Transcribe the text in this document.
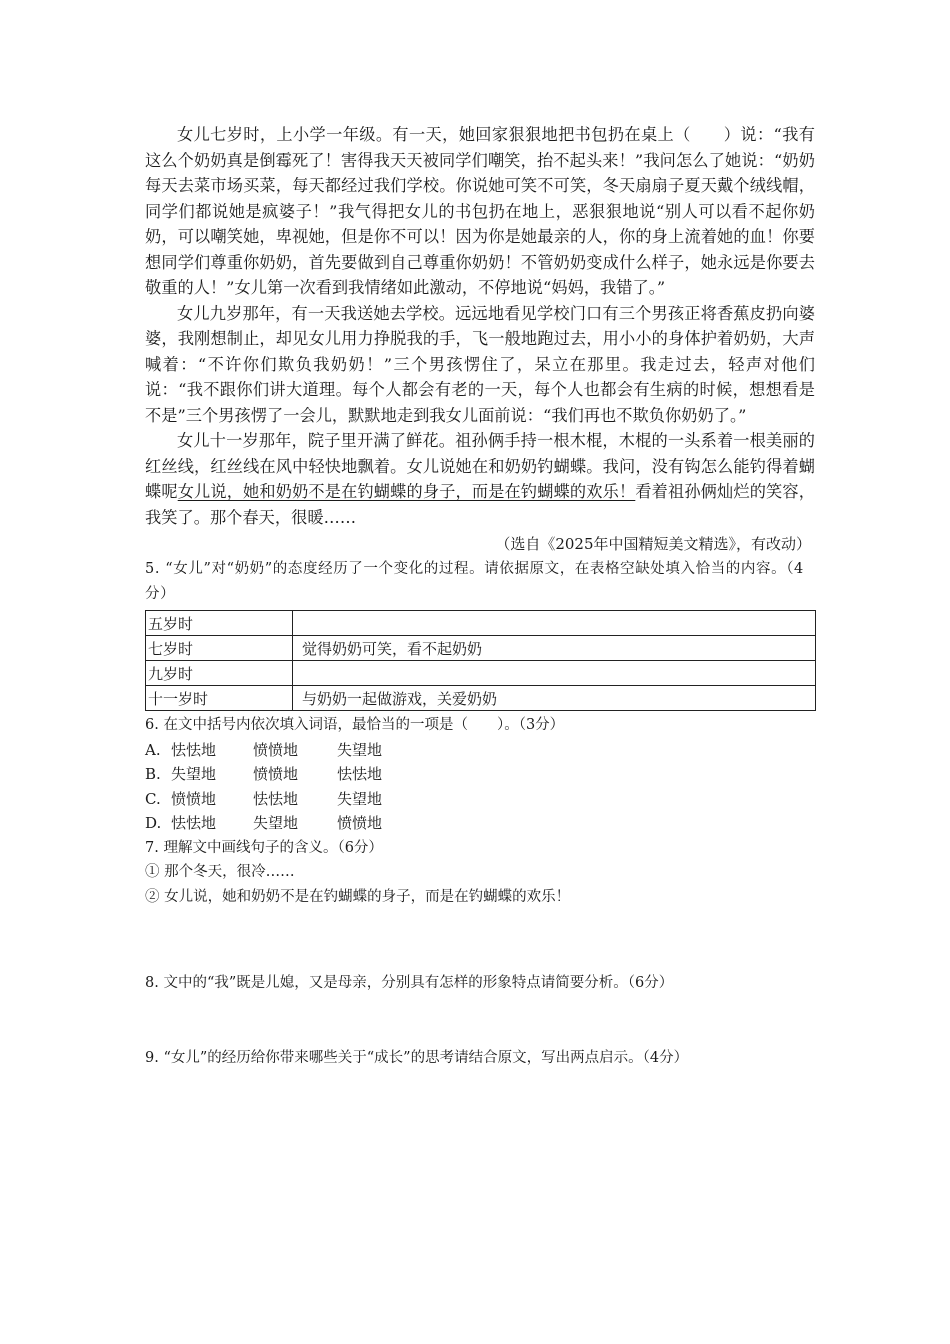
女儿七岁时，上小学一年级。有一天，她回家狠狠地把书包扔在桌上（　　）说：“我有这么个奶奶真是倒霉死了！害得我天天被同学们嘲笑，抬不起头来！”我问怎么了她说：“奶奶每天去菜市场买菜，每天都经过我们学校。你说她可笑不可笑，冬天扇扇子夏天戴个绒线帽，同学们都说她是疯婆子！”我气得把女儿的书包扔在地上，恶狠狠地说“别人可以看不起你奶奶，可以嘲笑她，卑视她，但是你不可以！因为你是她最亲的人，你的身上流着她的血！你要想同学们尊重你奶奶，首先要做到自己尊重你奶奶！不管奶奶变成什么样子，她永远是你要去敬重的人！”女儿第一次看到我情绪如此激动，不停地说“妈妈，我错了。”

女儿九岁那年，有一天我送她去学校。远远地看见学校门口有三个男孩正将香蕉皮扔向婆婆，我刚想制止，却见女儿用力挣脱我的手，飞一般地跑过去，用小小的身体护着奶奶，大声喊着：“不许你们欺负我奶奶！”三个男孩愣住了，呆立在那里。我走过去，轻声对他们说：“我不跟你们讲大道理。每个人都会有老的一天，每个人也都会有生病的时候，想想看是不是”三个男孩愣了一会儿，默默地走到我女儿面前说：“我们再也不欺负你奶奶了。”

女儿十一岁那年，院子里开满了鲜花。祖孙俩手持一根木棍，木棍的一头系着一根美丽的红丝线，红丝线在风中轻快地飘着。女儿说她在和奶奶钓蝴蝶。我问，没有钩怎么能钓得着蝴蝶呢女儿说，她和奶奶不是在钓蝴蝶的身子，而是在钓蝴蝶的欢乐！看着祖孙俩灿烂的笑容，我笑了。那个春天，很暖……

（选自《2025年中国精短美文精选》，有改动）

5. “女儿”对“奶奶”的态度经历了一个变化的过程。请依据原文，在表格空缺处填入恰当的内容。（4分）

五岁时	
七岁时	觉得奶奶可笑，看不起奶奶
九岁时	
十一岁时	与奶奶一起做游戏，关爱奶奶

6. 在文中括号内依次填入词语，最恰当的一项是（　　）。（3分）

A. 怯怯地 愤愤地	失望地

B. 失望地 愤愤地	怯怯地

C. 愤愤地 怯怯地	失望地

D. 怯怯地 失望地	愤愤地

7. 理解文中画线句子的含义。（6分）

① 那个冬天，很冷……

② 女儿说，她和奶奶不是在钓蝴蝶的身子，而是在钓蝴蝶的欢乐！

8. 文中的“我”既是儿媳，又是母亲，分别具有怎样的形象特点请简要分析。（6分）

9. “女儿”的经历给你带来哪些关于“成长”的思考请结合原文，写出两点启示。（4分）
